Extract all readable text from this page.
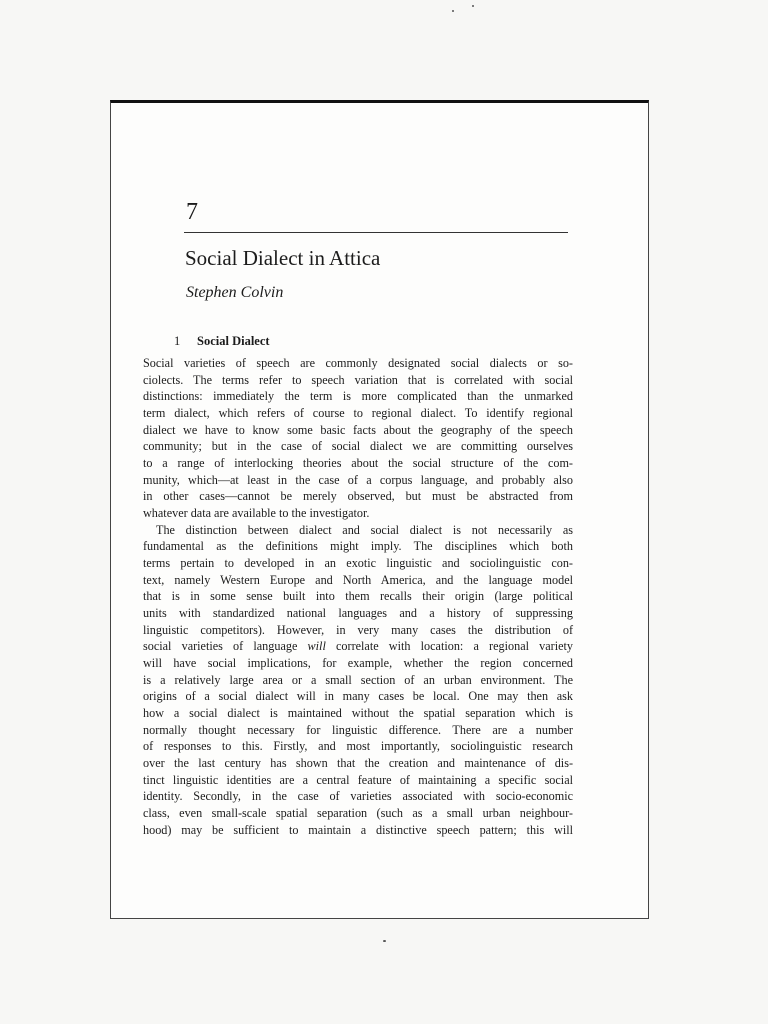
7
Social Dialect in Attica
Stephen Colvin
1 Social Dialect
Social varieties of speech are commonly designated social dialects or so-
ciolects. The terms refer to speech variation that is correlated with social
distinctions: immediately the term is more complicated than the unmarked
term dialect, which refers of course to regional dialect. To identify regional
dialect we have to know some basic facts about the geography of the speech
community; but in the case of social dialect we are committing ourselves
to a range of interlocking theories about the social structure of the com-
munity, which—at least in the case of a corpus language, and probably also
in other cases—cannot be merely observed, but must be abstracted from
whatever data are available to the investigator.
The distinction between dialect and social dialect is not necessarily as
fundamental as the definitions might imply. The disciplines which both
terms pertain to developed in an exotic linguistic and sociolinguistic con-
text, namely Western Europe and North America, and the language model
that is in some sense built into them recalls their origin (large political
units with standardized national languages and a history of suppressing
linguistic competitors). However, in very many cases the distribution of
social varieties of language will correlate with location: a regional variety
will have social implications, for example, whether the region concerned
is a relatively large area or a small section of an urban environment. The
origins of a social dialect will in many cases be local. One may then ask
how a social dialect is maintained without the spatial separation which is
normally thought necessary for linguistic difference. There are a number
of responses to this. Firstly, and most importantly, sociolinguistic research
over the last century has shown that the creation and maintenance of dis-
tinct linguistic identities are a central feature of maintaining a specific social
identity. Secondly, in the case of varieties associated with socio-economic
class, even small-scale spatial separation (such as a small urban neighbour-
hood) may be sufficient to maintain a distinctive speech pattern; this will
